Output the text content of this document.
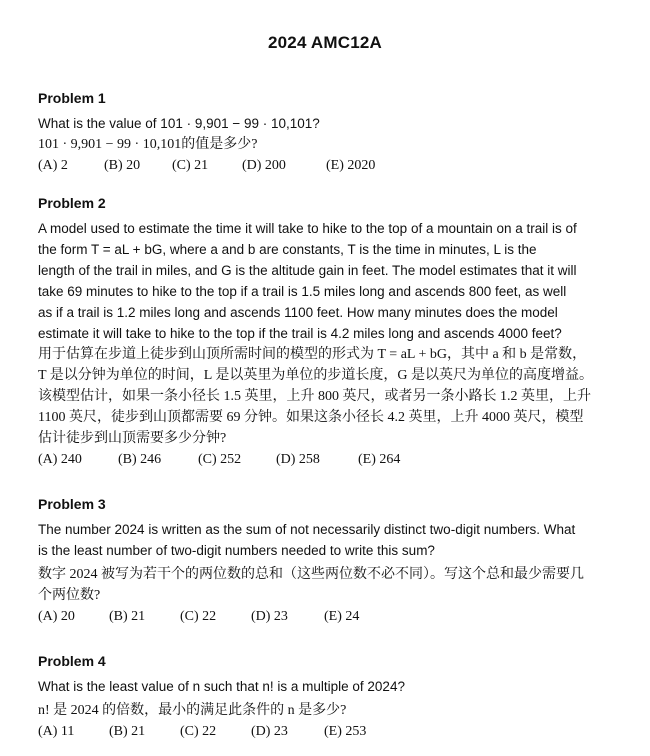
2024 AMC12A
Problem 1
What is the value of 101 · 9,901 − 99 · 10,101?
101 · 9,901 − 99 · 10,101的值是多少?
(A) 2	(B) 20	(C) 21	(D) 200	(E) 2020
Problem 2
A model used to estimate the time it will take to hike to the top of a mountain on a trail is of
the form T = aL + bG, where a and b are constants, T is the time in minutes, L is the
length of the trail in miles, and G is the altitude gain in feet. The model estimates that it will
take 69 minutes to hike to the top if a trail is 1.5 miles long and ascends 800 feet, as well
as if a trail is 1.2 miles long and ascends 1100 feet. How many minutes does the model
estimate it will take to hike to the top if the trail is 4.2 miles long and ascends 4000 feet?
用于估算在步道上徒步到山顶所需时间的模型的形式为 T = aL + bG，其中 a 和 b 是常数，
T 是以分钟为单位的时间，L 是以英里为单位的步道长度，G 是以英尺为单位的高度增益。
该模型估计，如果一条小径长 1.5 英里，上升 800 英尺，或者另一条小路长 1.2 英里，上升
1100 英尺，徒步到山顶都需要 69 分钟。如果这条小径长 4.2 英里，上升 4000 英尺，模型
估计徒步到山顶需要多少分钟?
(A) 240	(B) 246	(C) 252	(D) 258	(E) 264
Problem 3
The number 2024 is written as the sum of not necessarily distinct two-digit numbers. What
is the least number of two-digit numbers needed to write this sum?
数字 2024 被写为若干个的两位数的总和（这些两位数不必不同）。写这个总和最少需要几
个两位数?
(A) 20	(B) 21	(C) 22	(D) 23	(E) 24
Problem 4
What is the least value of n such that n! is a multiple of 2024?
n! 是 2024 的倍数，最小的满足此条件的 n 是多少?
(A) 11	(B) 21	(C) 22	(D) 23	(E) 253
